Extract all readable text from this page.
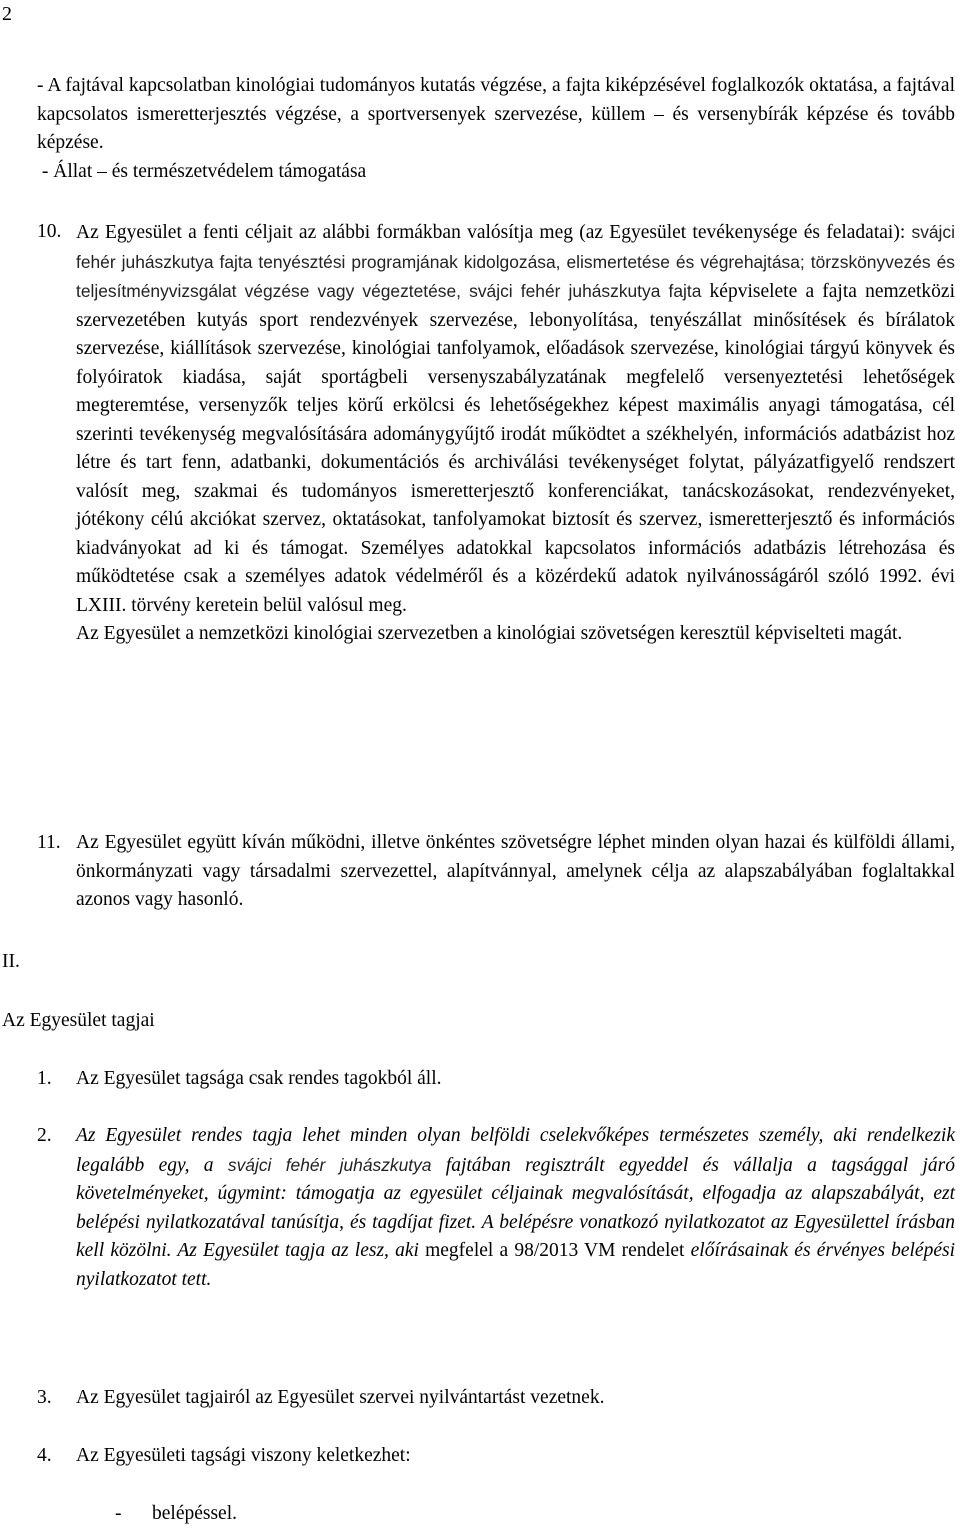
2
- A fajtával kapcsolatban kinológiai tudományos kutatás végzése, a fajta kiképzésével foglalkozók oktatása, a fajtával kapcsolatos ismeretterjesztés végzése, a sportversenyek szervezése, küllem – és versenybírák képzése és tovább képzése.
- Állat – és természetvédelem támogatása
10. Az Egyesület a fenti céljait az alábbi formákban valósítja meg (az Egyesület tevékenysége és feladatai): svájci fehér juhászkutya fajta tenyésztési programjának kidolgozása, elismertetése és végrehajtása; törzskönyvezés és teljesítményvizsgálat végzése vagy végeztetése, svájci fehér juhászkutya fajta képviselete a fajta nemzetközi szervezetében kutyás sport rendezvények szervezése, lebonyolítása, tenyészállat minősítések és bírálatok szervezése, kiállítások szervezése, kinológiai tanfolyamok, előadások szervezése, kinológiai tárgyú könyvek és folyóiratok kiadása, saját sportágbeli versenyszabályzatának megfelelő versenyeztetési lehetőségek megteremtése, versenyzők teljes körű erkölcsi és lehetőségekhez képest maximális anyagi támogatása, cél szerinti tevékenység megvalósítására adománygyűjtő irodát működtet a székhelyén, információs adatbázist hoz létre és tart fenn, adatbanki, dokumentációs és archiválási tevékenységet folytat, pályázatfigyelő rendszert valósít meg, szakmai és tudományos ismeretterjesztő konferenciákat, tanácskozásokat, rendezvényeket, jótékony célú akciókat szervez, oktatásokat, tanfolyamokat biztosít és szervez, ismeretterjesztő és információs kiadványokat ad ki és támogat. Személyes adatokkal kapcsolatos információs adatbázis létrehozása és működtetése csak a személyes adatok védelméről és a közérdekű adatok nyilvánosságáról szóló 1992. évi LXIII. törvény keretein belül valósul meg.

Az Egyesület a nemzetközi kinológiai szervezetben a kinológiai szövetségen keresztül képviselteti magát.

11. Az Egyesület együtt kíván működni, illetve önkéntes szövetségre léphet minden olyan hazai és külföldi állami, önkormányzati vagy társadalmi szervezettel, alapítvánnyal, amelynek célja az alapszabályában foglaltakkal azonos vagy hasonló.

II.
Az Egyesület tagjai
1. Az Egyesület tagsága csak rendes tagokból áll.

2. Az Egyesület rendes tagja lehet minden olyan belföldi cselekvőképes természetes személy, aki rendelkezik legalább egy, a svájci fehér juhászkutya fajtában regisztrált egyeddel és vállalja a tagsággal járó követelményeket, úgymint: támogatja az egyesület céljainak megvalósítását, elfogadja az alapszabályát, ezt belépési nyilatkozatával tanúsítja, és tagdíjat fizet. A belépésre vonatkozó nyilatkozatot az Egyesülettel írásban kell közölni. Az Egyesület tagja az lesz, aki megfelel a 98/2013 VM rendelet előírásainak és érvényes belépési nyilatkozatot tett.

3. Az Egyesület tagjairól az Egyesület szervei nyilvántartást vezetnek.

4. Az Egyesületi tagsági viszony keletkezhet:

- belépéssel.
